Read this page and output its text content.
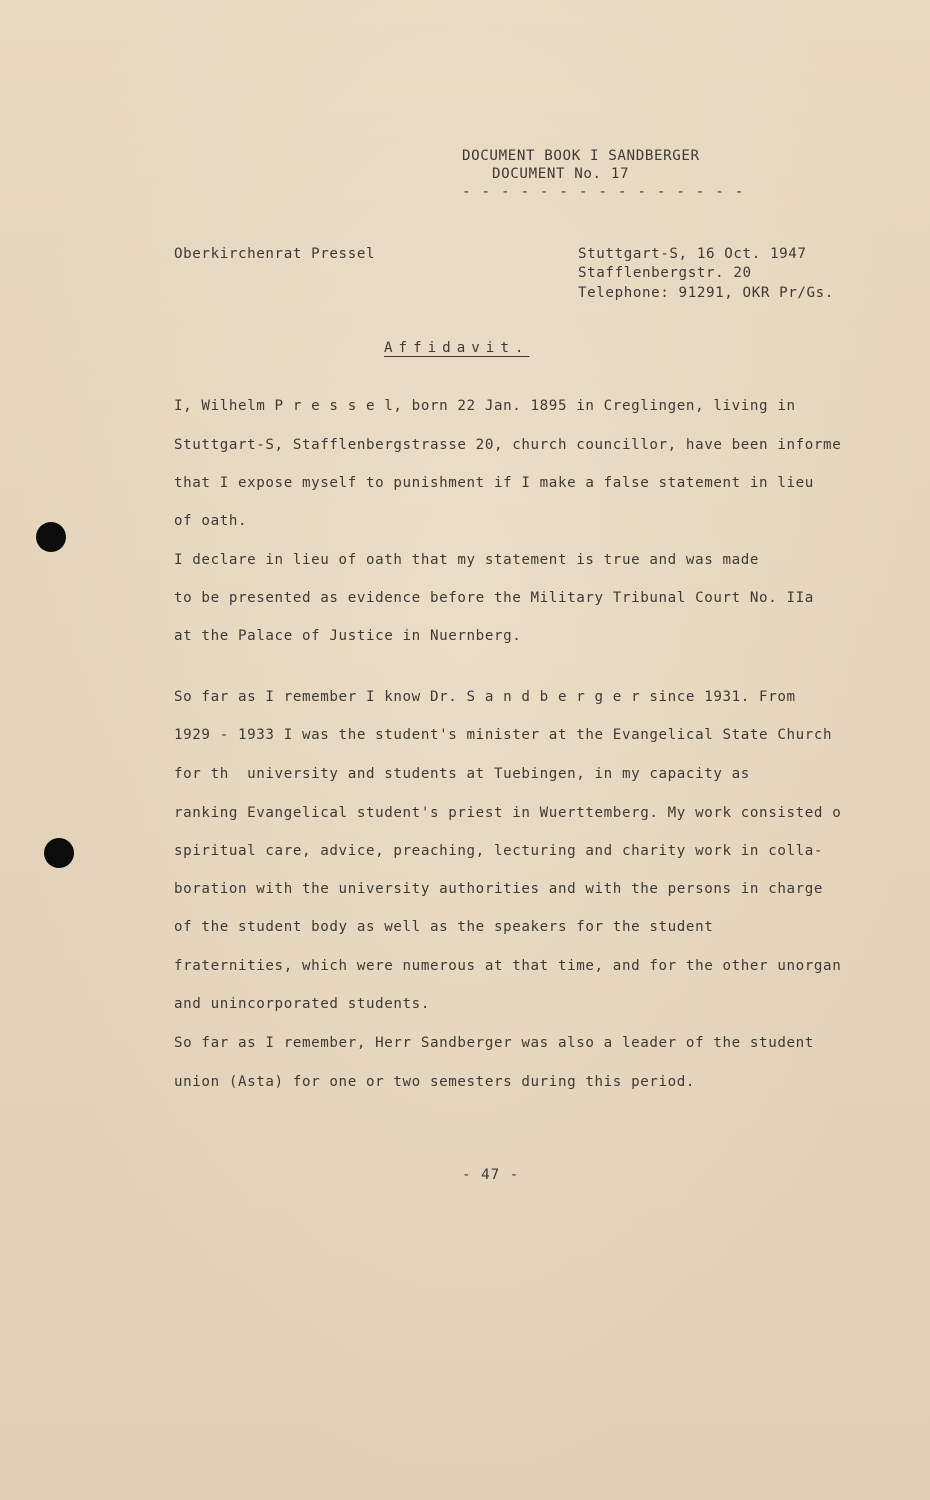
DOCUMENT BOOK I SANDBERGER
DOCUMENT No. 17
- - - - - - - - - - - - - - -
Oberkirchenrat Pressel	Stuttgart-S, 16 Oct. 1947
Stafflenbergstr. 20
Telephone: 91291, OKR Pr/Gs.
Affidavit.
I, Wilhelm P r e s s e l, born 22 Jan. 1895 in Creglingen, living in
Stuttgart-S, Stafflenbergstrasse 20, church councillor, have been informe
that I expose myself to punishment if I make a false statement in lieu
of oath.
I declare in lieu of oath that my statement is true and was made
to be presented as evidence before the Military Tribunal Court No. IIa
at the Palace of Justice in Nuernberg.
So far as I remember I know Dr. S a n d b e r g e r since 1931. From
1929 - 1933 I was the student's minister at the Evangelical State Church
for th  university and students at Tuebingen, in my capacity as
ranking Evangelical student's priest in Wuerttemberg. My work consisted o
spiritual care, advice, preaching, lecturing and charity work in colla-
boration with the university authorities and with the persons in charge
of the student body as well as the speakers for the student
fraternities, which were numerous at that time, and for the other unorgan
and unincorporated students.
So far as I remember, Herr Sandberger was also a leader of the student
union (Asta) for one or two semesters during this period.
- 47 -
